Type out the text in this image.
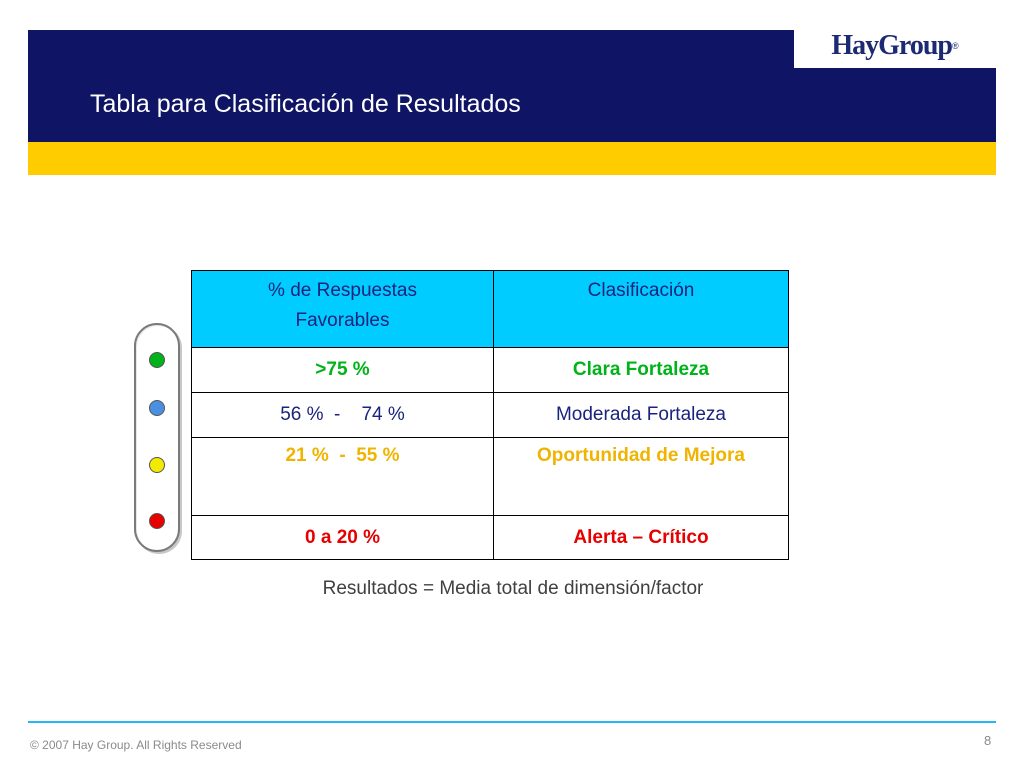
HayGroup ®
Tabla para Clasificación de Resultados
% de Respuestas Favorables	Clasificación
>75 %	Clara Fortaleza
56 %  -    74 %	Moderada Fortaleza
21 %  -  55 %	Oportunidad de Mejora
0 a 20 %	Alerta – Crítico

Resultados = Media total de dimensión/factor

© 2007 Hay Group. All Rights Reserved	8
